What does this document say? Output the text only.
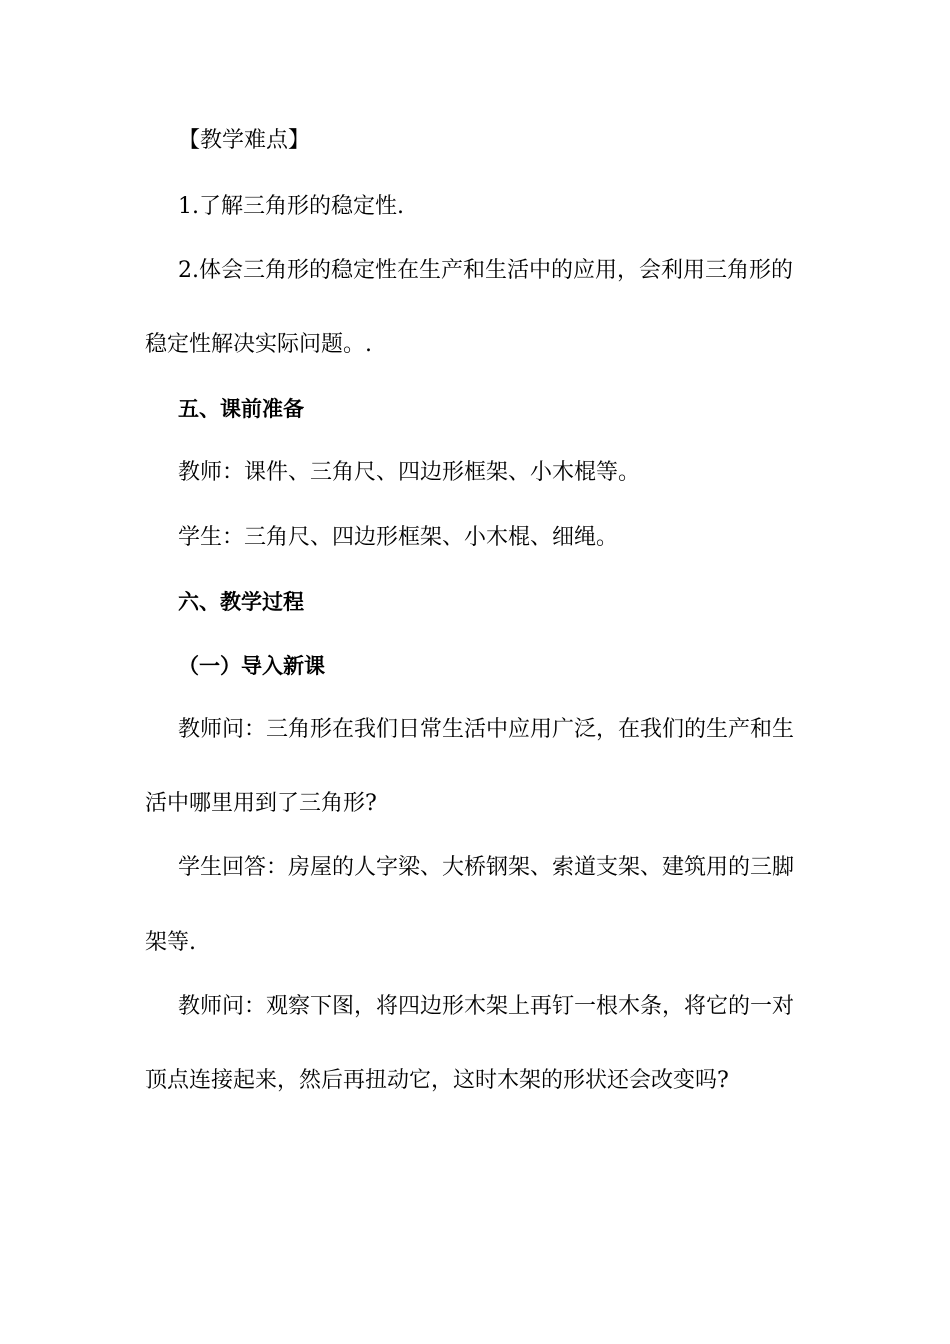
【教学难点】
1.了解三角形的稳定性.
2.体会三角形的稳定性在生产和生活中的应用，会利用三角形的
稳定性解决实际问题。.
五、课前准备
教师：课件、三角尺、四边形框架、小木棍等。
学生：三角尺、四边形框架、小木棍、细绳。
六、教学过程
（一）导入新课
教师问：三角形在我们日常生活中应用广泛，在我们的生产和生
活中哪里用到了三角形?
学生回答：房屋的人字梁、大桥钢架、索道支架、建筑用的三脚
架等.
教师问：观察下图，将四边形木架上再钉一根木条，将它的一对
顶点连接起来，然后再扭动它，这时木架的形状还会改变吗?
